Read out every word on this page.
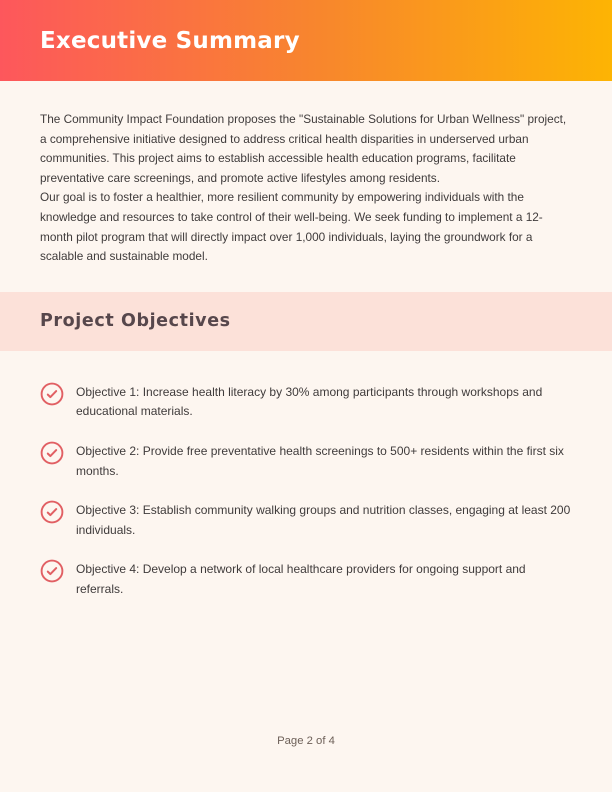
Executive Summary

The Community Impact Foundation proposes the "Sustainable Solutions for Urban Wellness" project, a comprehensive initiative designed to address critical health disparities in underserved urban communities. This project aims to establish accessible health education programs, facilitate preventative care screenings, and promote active lifestyles among residents.

Our goal is to foster a healthier, more resilient community by empowering individuals with the knowledge and resources to take control of their well-being. We seek funding to implement a 12-month pilot program that will directly impact over 1,000 individuals, laying the groundwork for a scalable and sustainable model.

Project Objectives

Objective 1: Increase health literacy by 30% among participants through workshops and educational materials.

Objective 2: Provide free preventative health screenings to 500+ residents within the first six months.

Objective 3: Establish community walking groups and nutrition classes, engaging at least 200 individuals.

Objective 4: Develop a network of local healthcare providers for ongoing support and referrals.

Page 2 of 4
